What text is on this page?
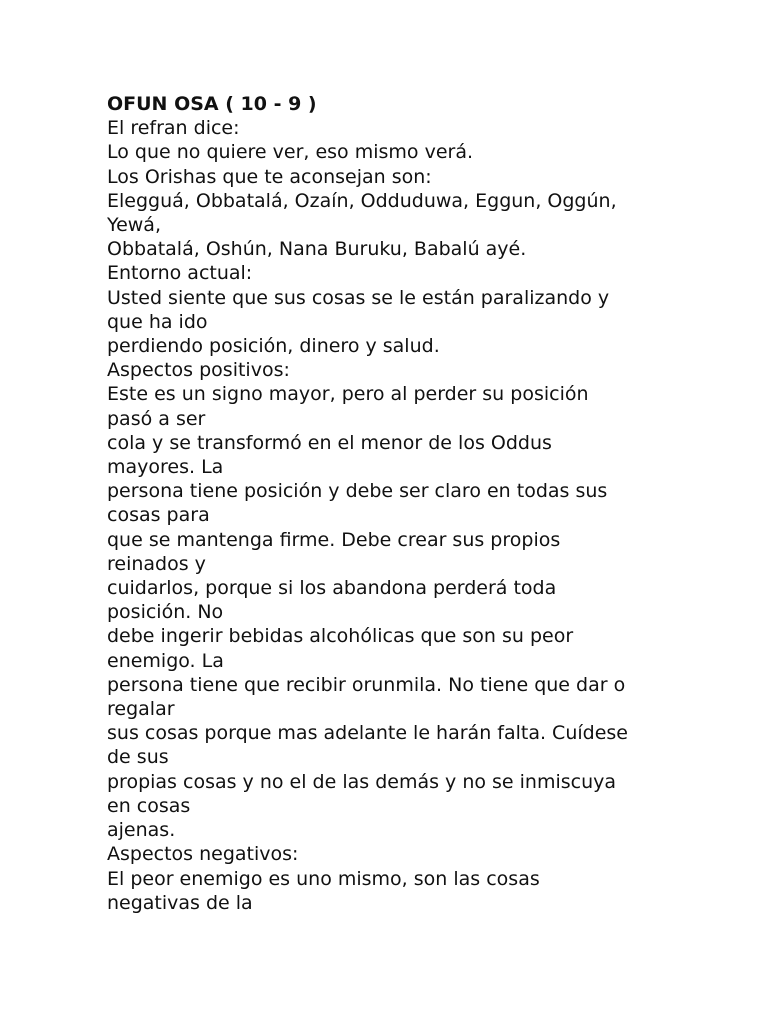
OFUN OSA ( 10 - 9 )
El refran dice:
Lo que no quiere ver, eso mismo verá.
Los Orishas que te aconsejan son:
Elegguá, Obbatalá, Ozaín, Odduduwa, Eggun, Oggún,
Yewá,
Obbatalá, Oshún, Nana Buruku, Babalú ayé.
Entorno actual:
Usted siente que sus cosas se le están paralizando y
que ha ido
perdiendo posición, dinero y salud.
Aspectos positivos:
Este es un signo mayor, pero al perder su posición
pasó a ser
cola y se transformó en el menor de los Oddus
mayores. La
persona tiene posición y debe ser claro en todas sus
cosas para
que se mantenga firme. Debe crear sus propios
reinados y
cuidarlos, porque si los abandona perderá toda
posición. No
debe ingerir bebidas alcohólicas que son su peor
enemigo. La
persona tiene que recibir orunmila. No tiene que dar o
regalar
sus cosas porque mas adelante le harán falta. Cuídese
de sus
propias cosas y no el de las demás y no se inmiscuya
en cosas
ajenas.
Aspectos negativos:
El peor enemigo es uno mismo, son las cosas
negativas de la
